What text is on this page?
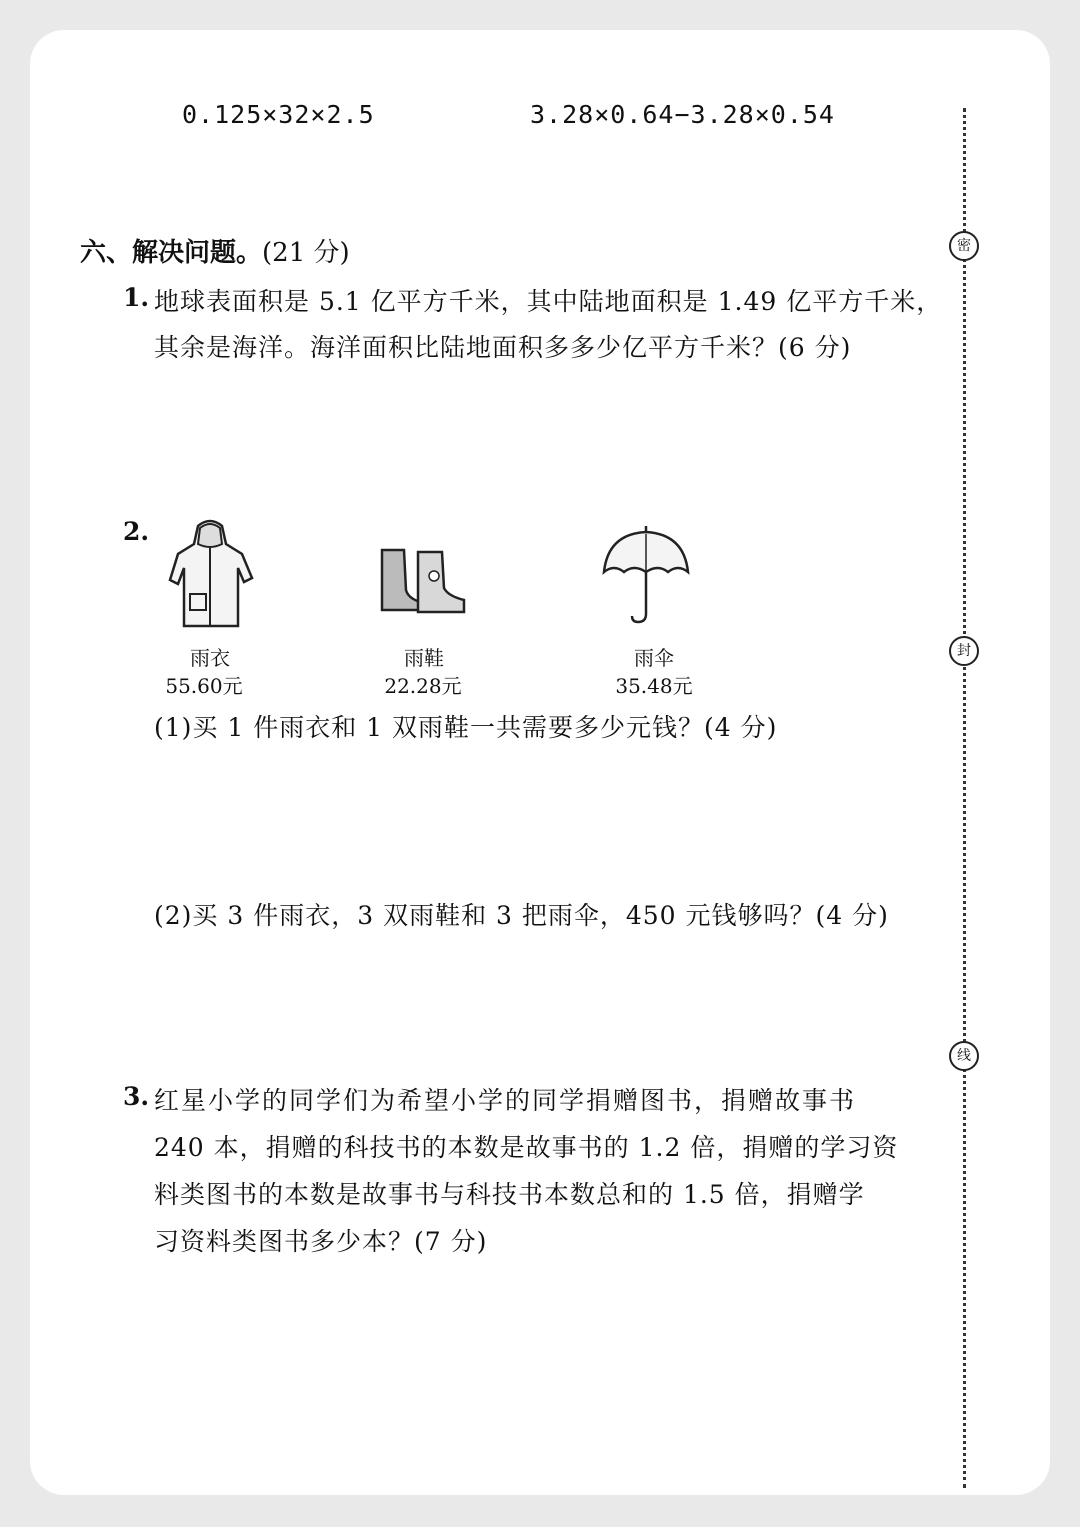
0.125×32×2.5	3.28×0.64−3.28×0.54
六、解决问题。(21 分)
1. 地球表面积是 5.1 亿平方千米，其中陆地面积是 1.49 亿平方千米，
其余是海洋。海洋面积比陆地面积多多少亿平方千米？(6 分)
2.
雨衣
55.60元
雨鞋
22.28元
雨伞
35.48元
(1)买 1 件雨衣和 1 双雨鞋一共需要多少元钱？(4 分)
(2)买 3 件雨衣，3 双雨鞋和 3 把雨伞，450 元钱够吗？(4 分)
3. 红星小学的同学们为希望小学的同学捐赠图书，捐赠故事书
240 本，捐赠的科技书的本数是故事书的 1.2 倍，捐赠的学习资
料类图书的本数是故事书与科技书本数总和的 1.5 倍，捐赠学
习资料类图书多少本？(7 分)
密
封
线
